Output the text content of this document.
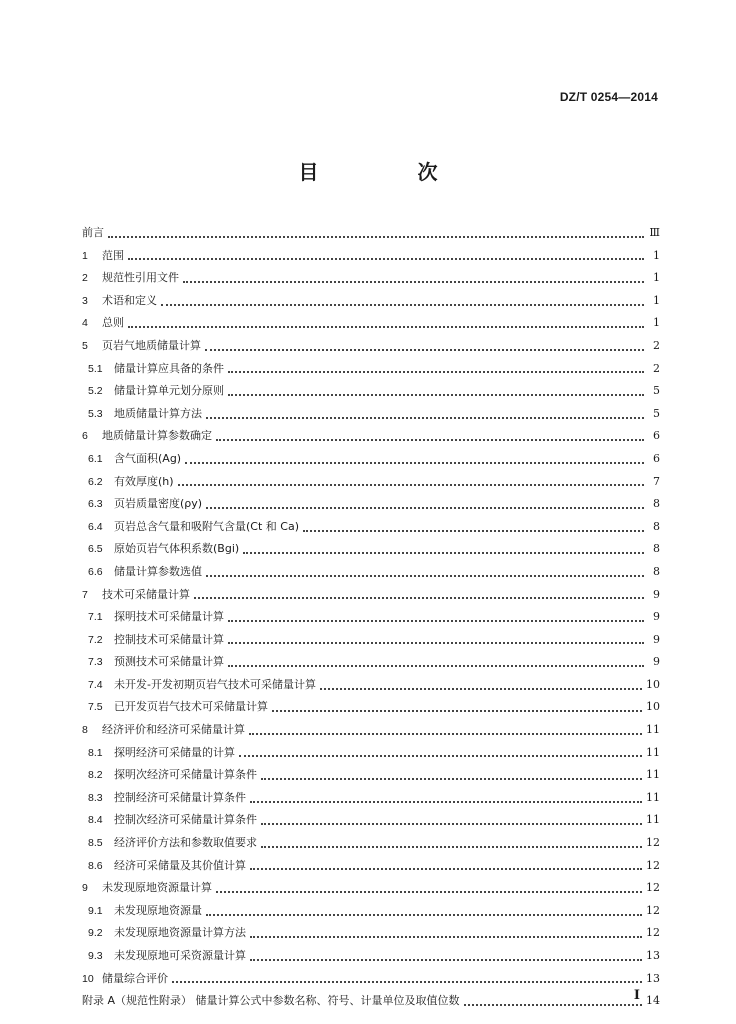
DZ/T 0254—2014
目 次
前言	Ⅲ
1	范围	1
2	规范性引用文件	1
3	术语和定义	1
4	总则	1
5	页岩气地质储量计算	2
5.1	储量计算应具备的条件	2
5.2	储量计算单元划分原则	5
5.3	地质储量计算方法	5
6	地质储量计算参数确定	6
6.1	含气面积(Ag)	6
6.2	有效厚度(h)	7
6.3	页岩质量密度(ρy)	8
6.4	页岩总含气量和吸附气含量(Ct 和 Ca)	8
6.5	原始页岩气体积系数(Bgi)	8
6.6	储量计算参数选值	8
7	技术可采储量计算	9
7.1	探明技术可采储量计算	9
7.2	控制技术可采储量计算	9
7.3	预测技术可采储量计算	9
7.4	未开发-开发初期页岩气技术可采储量计算	10
7.5	已开发页岩气技术可采储量计算	10
8	经济评价和经济可采储量计算	11
8.1	探明经济可采储量的计算	11
8.2	探明次经济可采储量计算条件	11
8.3	控制经济可采储量计算条件	11
8.4	控制次经济可采储量计算条件	11
8.5	经济评价方法和参数取值要求	12
8.6	经济可采储量及其价值计算	12
9	未发现原地资源量计算	12
9.1	未发现原地资源量	12
9.2	未发现原地资源量计算方法	12
9.3	未发现原地可采资源量计算	13
10 储量综合评价	13
附录 A（规范性附录） 储量计算公式中参数名称、符号、计量单位及取值位数	14
I
